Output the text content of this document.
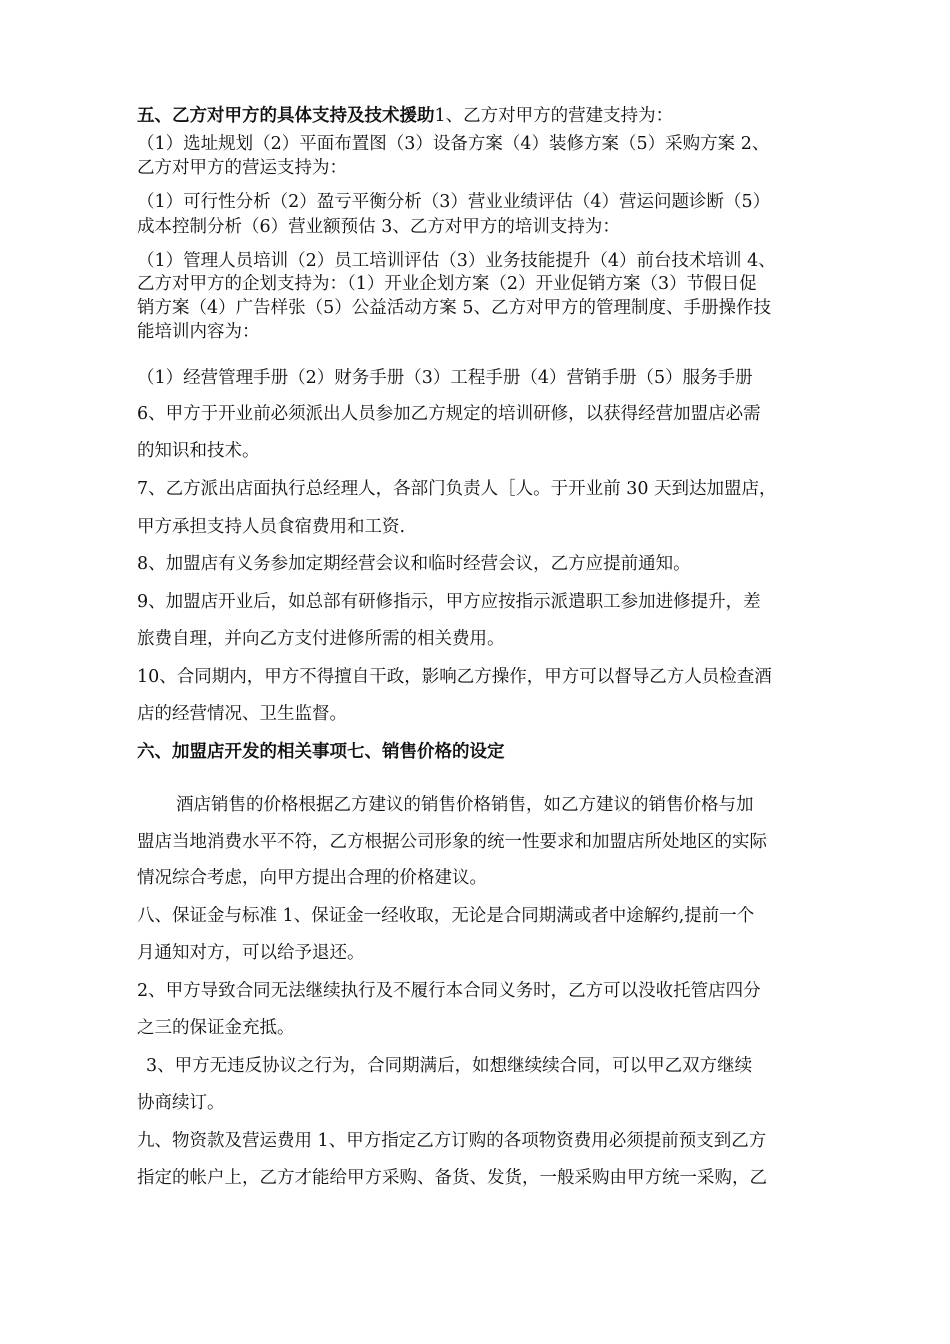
五、乙方对甲方的具体支持及技术援助1、乙方对甲方的营建支持为：
（1）选址规划（2）平面布置图（3）设备方案（4）装修方案（5）采购方案 2、
乙方对甲方的营运支持为：
（1）可行性分析（2）盈亏平衡分析（3）营业业绩评估（4）营运问题诊断（5）
成本控制分析（6）营业额预估 3、乙方对甲方的培训支持为：
（1）管理人员培训（2）员工培训评估（3）业务技能提升（4）前台技术培训 4、
乙方对甲方的企划支持为：（1）开业企划方案（2）开业促销方案（3）节假日促
销方案（4）广告样张（5）公益活动方案 5、乙方对甲方的管理制度、手册操作技
能培训内容为：
（1）经营管理手册（2）财务手册（3）工程手册（4）营销手册（5）服务手册
6、甲方于开业前必须派出人员参加乙方规定的培训研修，以获得经营加盟店必需
的知识和技术。
7、乙方派出店面执行总经理人，各部门负责人［人。于开业前 30 天到达加盟店，
甲方承担支持人员食宿费用和工资.
8、加盟店有义务参加定期经营会议和临时经营会议，乙方应提前通知。
9、加盟店开业后，如总部有研修指示，甲方应按指示派遣职工参加进修提升，差
旅费自理，并向乙方支付进修所需的相关费用。
10、合同期内，甲方不得擅自干政，影响乙方操作，甲方可以督导乙方人员检查酒
店的经营情况、卫生监督。
六、加盟店开发的相关事项七、销售价格的设定
酒店销售的价格根据乙方建议的销售价格销售，如乙方建议的销售价格与加
盟店当地消费水平不符，乙方根据公司形象的统一性要求和加盟店所处地区的实际
情况综合考虑，向甲方提出合理的价格建议。
八、保证金与标准 1、保证金一经收取，无论是合同期满或者中途解约,提前一个
月通知对方，可以给予退还。
2、甲方导致合同无法继续执行及不履行本合同义务时，乙方可以没收托管店四分
之三的保证金充抵。
3、甲方无违反协议之行为，合同期满后，如想继续续合同，可以甲乙双方继续
协商续订。
九、物资款及营运费用 1、甲方指定乙方订购的各项物资费用必须提前预支到乙方
指定的帐户上，乙方才能给甲方采购、备货、发货，一般采购由甲方统一采购，乙
